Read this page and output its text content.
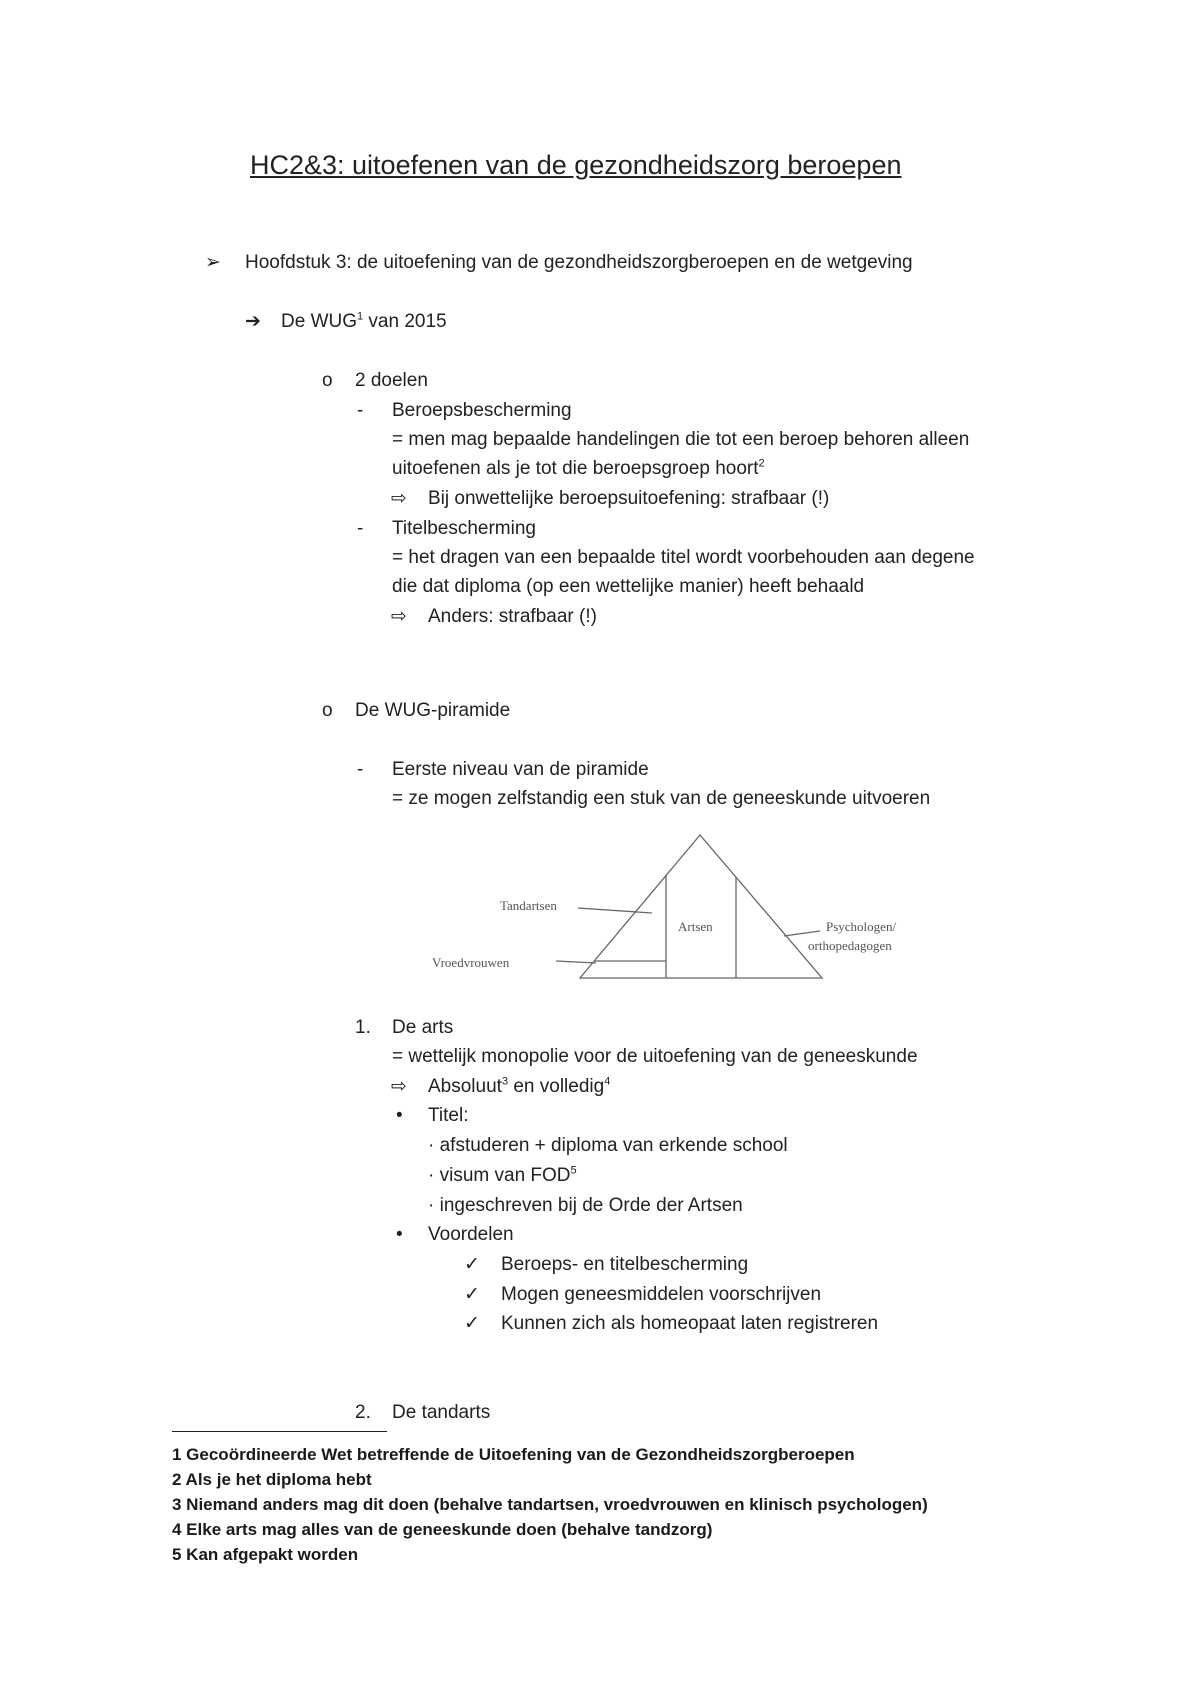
HC2&3: uitoefenen van de gezondheidszorg beroepen
➢ Hoofdstuk 3: de uitoefening van de gezondheidszorgberoepen en de wetgeving
➔ De WUG$^1$ van 2015
o 2 doelen
- Beroepsbescherming
= men mag bepaalde handelingen die tot een beroep behoren alleen
uitoefenen als je tot die beroepsgroep hoort$^2$
⇨ Bij onwettelijke beroepsuitoefening: strafbaar (!)
- Titelbescherming
= het dragen van een bepaalde titel wordt voorbehouden aan degene
die dat diploma (op een wettelijke manier) heeft behaald
⇨ Anders: strafbaar (!)
o De WUG-piramide
- Eerste niveau van de piramide
= ze mogen zelfstandig een stuk van de geneeskunde uitvoeren
Tandartsen
Vroedvrouwen
Artsen	Psychologen/
orthopedagogen
1. De arts
= wettelijk monopolie voor de uitoefening van de geneeskunde
⇨ Absoluut$^3$ en volledig$^4$
• Titel:
· afstuderen + diploma van erkende school
· visum van $FOD^5$
· ingeschreven bij de Orde der Artsen
• Voordelen
✓ Beroeps- en titelbescherming
✓ Mogen geneesmiddelen voorschrijven
✓ Kunnen zich als homeopaat laten registreren
2. De tandarts
1 Gecoördineerde Wet betreffende de Uitoefening van de Gezondheidszorgberoepen
2 Als je het diploma hebt
3 Niemand anders mag dit doen (behalve tandartsen, vroedvrouwen en klinisch psychologen)
4 Elke arts mag alles van de geneeskunde doen (behalve tandzorg)
5 Kan afgepakt worden
